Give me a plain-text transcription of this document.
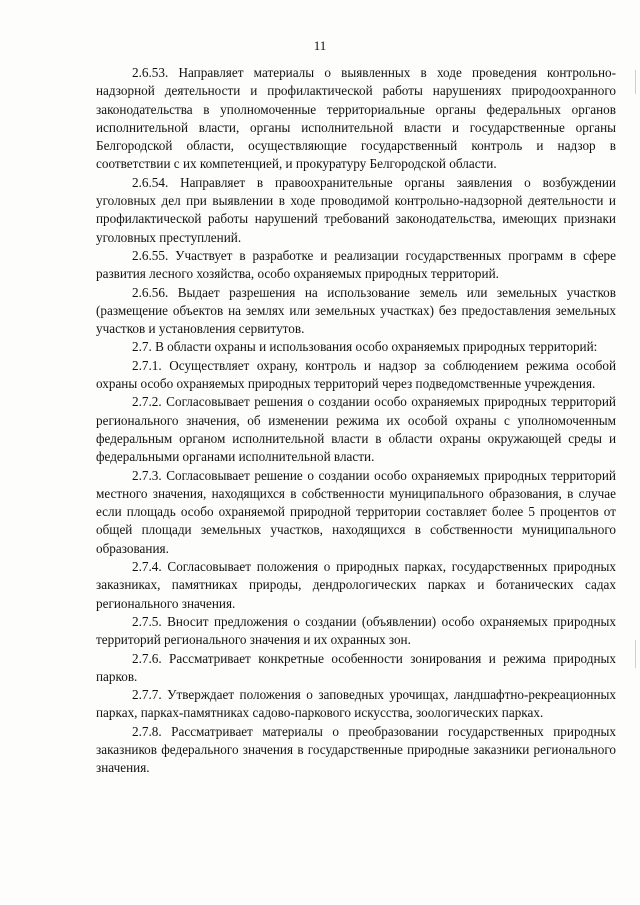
11

2.6.53. Направляет материалы о выявленных в ходе проведения контрольно-надзорной деятельности и профилактической работы нарушениях природоохранного законодательства в уполномоченные территориальные органы федеральных органов исполнительной власти, органы исполнительной власти и государственные органы Белгородской области, осуществляющие государственный контроль и надзор в соответствии с их компетенцией, и прокуратуру Белгородской области.

2.6.54. Направляет в правоохранительные органы заявления о возбуждении уголовных дел при выявлении в ходе проводимой контрольно-надзорной деятельности и профилактической работы нарушений требований законодательства, имеющих признаки уголовных преступлений.

2.6.55. Участвует в разработке и реализации государственных программ в сфере развития лесного хозяйства, особо охраняемых природных территорий.

2.6.56. Выдает разрешения на использование земель или земельных участков (размещение объектов на землях или земельных участках) без предоставления земельных участков и установления сервитутов.

2.7. В области охраны и использования особо охраняемых природных территорий:

2.7.1. Осуществляет охрану, контроль и надзор за соблюдением режима особой охраны особо охраняемых природных территорий через подведомственные учреждения.

2.7.2. Согласовывает решения о создании особо охраняемых природных территорий регионального значения, об изменении режима их особой охраны с уполномоченным федеральным органом исполнительной власти в области охраны окружающей среды и федеральными органами исполнительной власти.

2.7.3. Согласовывает решение о создании особо охраняемых природных территорий местного значения, находящихся в собственности муниципального образования, в случае если площадь особо охраняемой природной территории составляет более 5 процентов от общей площади земельных участков, находящихся в собственности муниципального образования.

2.7.4. Согласовывает положения о природных парках, государственных природных заказниках, памятниках природы, дендрологических парках и ботанических садах регионального значения.

2.7.5. Вносит предложения о создании (объявлении) особо охраняемых природных территорий регионального значения и их охранных зон.

2.7.6. Рассматривает конкретные особенности зонирования и режима природных парков.

2.7.7. Утверждает положения о заповедных урочищах, ландшафтно-рекреационных парках, парках-памятниках садово-паркового искусства, зоологических парках.

2.7.8. Рассматривает материалы о преобразовании государственных природных заказников федерального значения в государственные природные заказники регионального значения.
